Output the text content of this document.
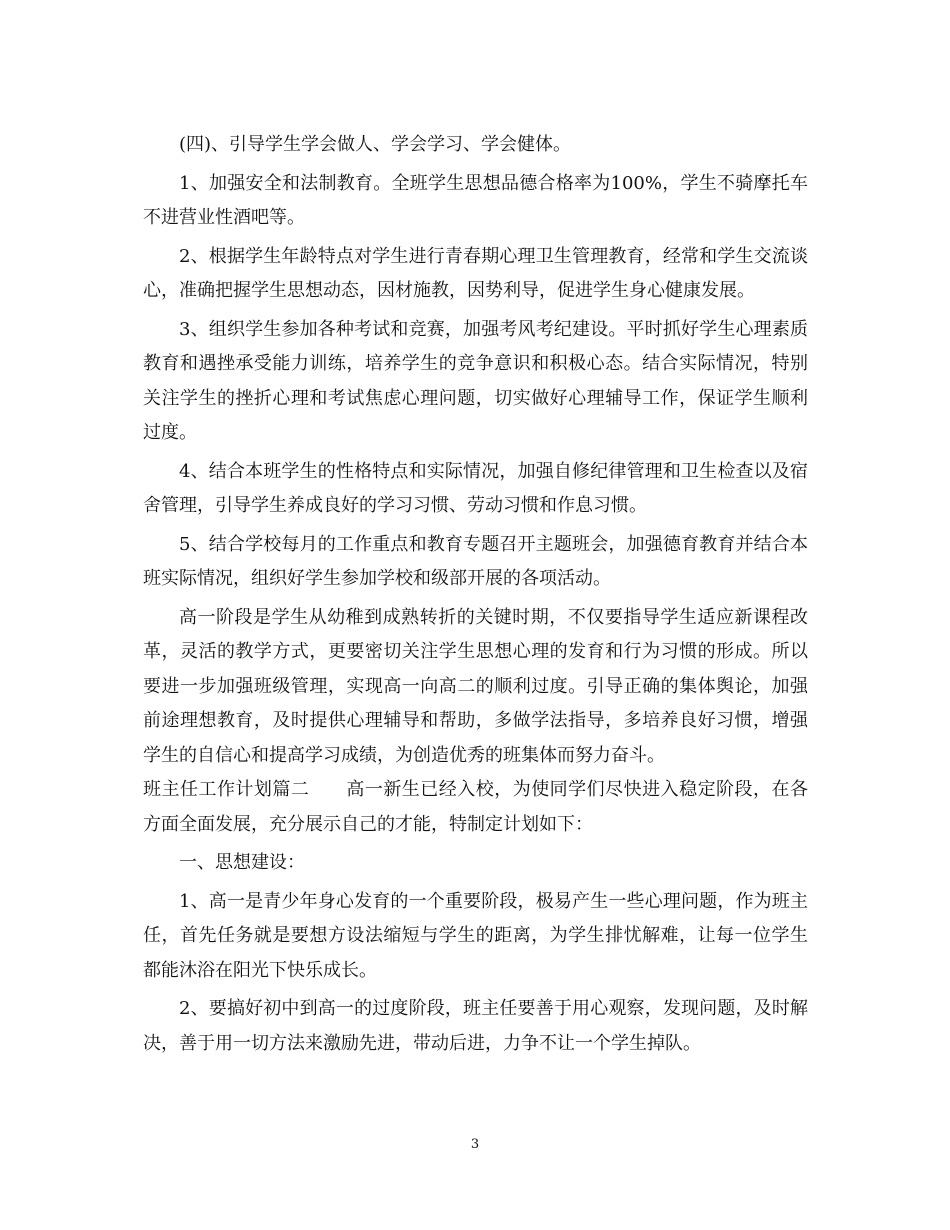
(四)、引导学生学会做人、学会学习、学会健体。

1、加强安全和法制教育。全班学生思想品德合格率为100%，学生不骑摩托车不进营业性酒吧等。

2、根据学生年龄特点对学生进行青春期心理卫生管理教育，经常和学生交流谈心，准确把握学生思想动态，因材施教，因势利导，促进学生身心健康发展。

3、组织学生参加各种考试和竞赛，加强考风考纪建设。平时抓好学生心理素质教育和遇挫承受能力训练，培养学生的竞争意识和积极心态。结合实际情况，特别关注学生的挫折心理和考试焦虑心理问题，切实做好心理辅导工作，保证学生顺利过度。

4、结合本班学生的性格特点和实际情况，加强自修纪律管理和卫生检查以及宿舍管理，引导学生养成良好的学习习惯、劳动习惯和作息习惯。

5、结合学校每月的工作重点和教育专题召开主题班会，加强德育教育并结合本班实际情况，组织好学生参加学校和级部开展的各项活动。

高一阶段是学生从幼稚到成熟转折的关键时期，不仅要指导学生适应新课程改革，灵活的教学方式，更要密切关注学生思想心理的发育和行为习惯的形成。所以要进一步加强班级管理，实现高一向高二的顺利过度。引导正确的集体舆论，加强前途理想教育，及时提供心理辅导和帮助，多做学法指导，多培养良好习惯，增强学生的自信心和提高学习成绩，为创造优秀的班集体而努力奋斗。

班主任工作计划篇二　　高一新生已经入校，为使同学们尽快进入稳定阶段，在各方面全面发展，充分展示自己的才能，特制定计划如下：

一、思想建设：

1、高一是青少年身心发育的一个重要阶段，极易产生一些心理问题，作为班主任，首先任务就是要想方设法缩短与学生的距离，为学生排忧解难，让每一位学生都能沐浴在阳光下快乐成长。

2、要搞好初中到高一的过度阶段，班主任要善于用心观察，发现问题，及时解决，善于用一切方法来激励先进，带动后进，力争不让一个学生掉队。

3
